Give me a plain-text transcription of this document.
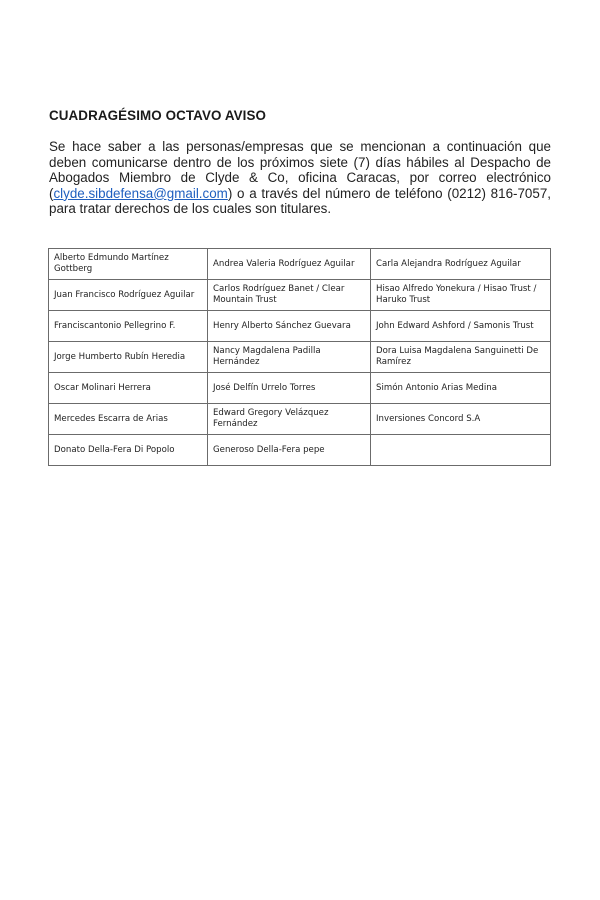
CUADRAGÉSIMO OCTAVO AVISO

Se hace saber a las personas/empresas que se mencionan a continuación que deben comunicarse dentro de los próximos siete (7) días hábiles al Despacho de Abogados Miembro de Clyde & Co, oficina Caracas, por correo electrónico (clyde.sibdefensa@gmail.com) o a través del número de teléfono (0212) 816-7057, para tratar derechos de los cuales son titulares.

Alberto Edmundo Martínez Gottberg	Andrea Valeria Rodríguez Aguilar	Carla Alejandra Rodríguez Aguilar
Juan Francisco Rodríguez Aguilar	Carlos Rodríguez Banet / Clear Mountain Trust	Hisao Alfredo Yonekura / Hisao Trust / Haruko Trust
Franciscantonio Pellegrino F.	Henry Alberto Sánchez Guevara	John Edward Ashford / Samonis Trust
Jorge Humberto Rubín Heredia	Nancy Magdalena Padilla Hernández	Dora Luisa Magdalena Sanguinetti De Ramírez
Oscar Molinari Herrera	José Delfín Urrelo Torres	Simón Antonio Arias Medina
Mercedes Escarra de Arias	Edward Gregory Velázquez Fernández	Inversiones Concord S.A
Donato Della-Fera Di Popolo	Generoso Della-Fera pepe	
